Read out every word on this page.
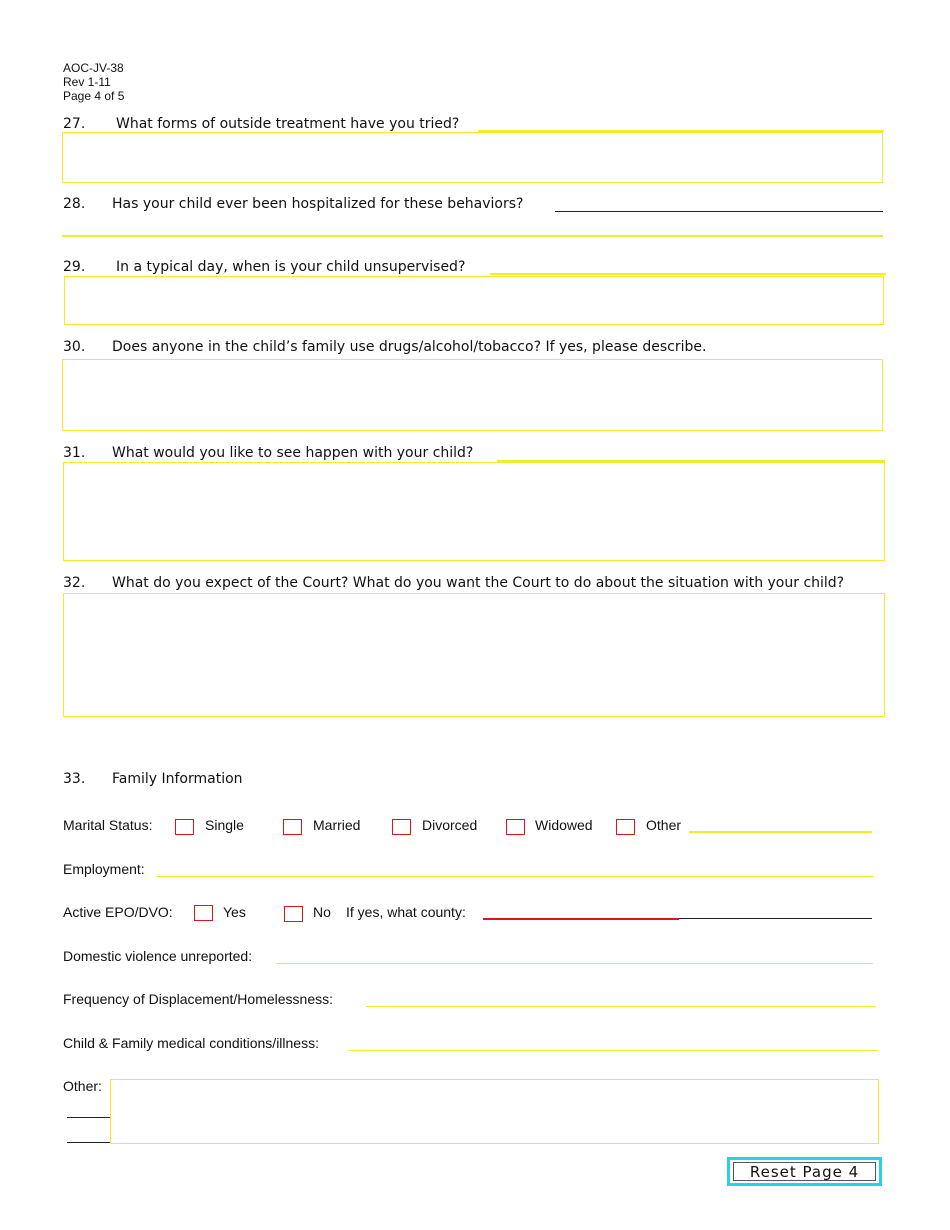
AOC-JV-38
Rev 1-11
Page 4 of 5
27. What forms of outside treatment have you tried?
28. Has your child ever been hospitalized for these behaviors?
29. In a typical day, when is your child unsupervised?
30. Does anyone in the child’s family use drugs/alcohol/tobacco? If yes, please describe.
31. What would you like to see happen with your child?
32. What do you expect of the Court? What do you want the Court to do about the situation with your child?
33. Family Information
Marital Status:	Single	Married	Divorced	Widowed	Other
Employment:
Active EPO/DVO:	Yes	No If yes, what county:
Domestic violence unreported:
Frequency of Displacement/Homelessness:
Child & Family medical conditions/illness:
Other:
Reset Page 4
